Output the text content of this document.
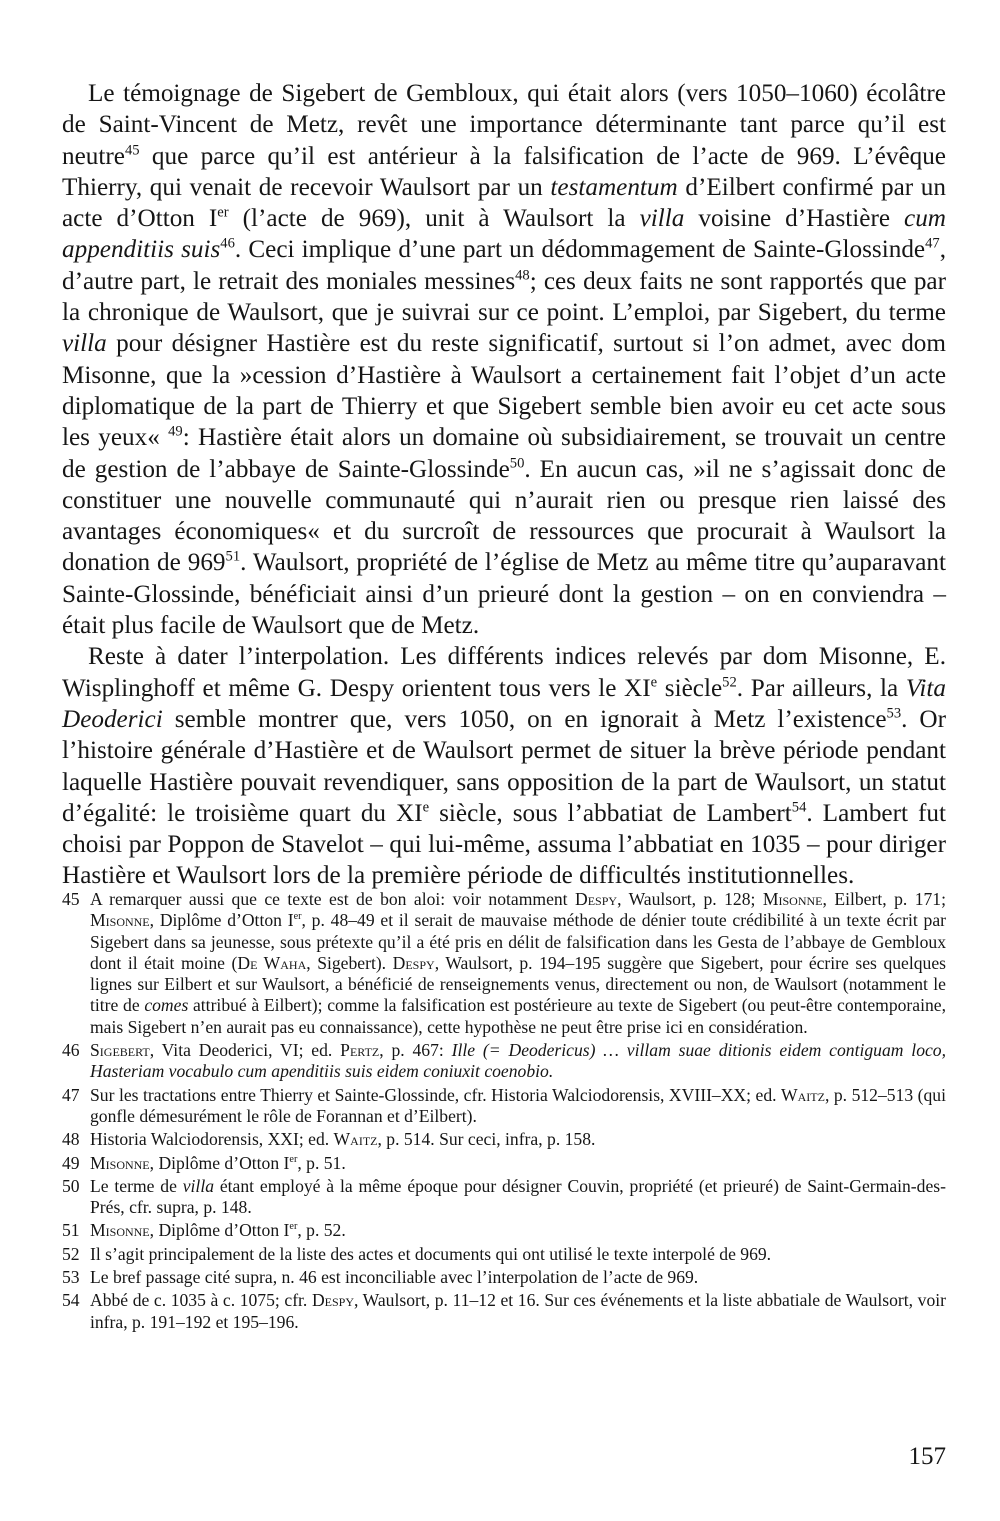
Le témoignage de Sigebert de Gembloux, qui était alors (vers 1050–1060) écolâtre de Saint-Vincent de Metz, revêt une importance déterminante tant parce qu’il est neutre$^{45}$ que parce qu’il est antérieur à la falsification de l’acte de 969. L’évêque Thierry, qui venait de recevoir Waulsort par un testamentum d’Eilbert confirmé par un acte d’Otton Ier (l’acte de 969), unit à Waulsort la villa voisine d’Hastière cum appenditiis suis$^{46}$. Ceci implique d’une part un dédommagement de Sainte-Glossinde$^{47}$, d’autre part, le retrait des moniales messines$^{48}$; ces deux faits ne sont rapportés que par la chronique de Waulsort, que je suivrai sur ce point. L’emploi, par Sigebert, du terme villa pour désigner Hastière est du reste significatif, surtout si l’on admet, avec dom Misonne, que la »cession d’Hastière à Waulsort a certainement fait l’objet d’un acte diplomatique de la part de Thierry et que Sigebert semble bien avoir eu cet acte sous les yeux« $^{49}$: Hastière était alors un domaine où subsidiairement, se trouvait un centre de gestion de l’abbaye de Sainte-Glossinde$^{50}$. En aucun cas, »il ne s’agissait donc de constituer une nouvelle communauté qui n’aurait rien ou presque rien laissé des avantages économiques« et du surcroît de ressources que procurait à Waulsort la donation de $969^{51}$. Waulsort, propriété de l’église de Metz au même titre qu’auparavant Sainte-Glossinde, bénéficiait ainsi d’un prieuré dont la gestion – on en conviendra – était plus facile de Waulsort que de Metz.

Reste à dater l’interpolation. Les différents indices relevés par dom Misonne, E. Wisplinghoff et même G. Despy orientent tous vers le XIe siècle$^{52}$. Par ailleurs, la Vita Deoderici semble montrer que, vers 1050, on en ignorait à Metz l’existence$^{53}$. Or l’histoire générale d’Hastière et de Waulsort permet de situer la brève période pendant laquelle Hastière pouvait revendiquer, sans opposition de la part de Waulsort, un statut d’égalité: le troisième quart du XIe siècle, sous l’abbatiat de Lambert$^{54}$. Lambert fut choisi par Poppon de Stavelot – qui lui-même, assuma l’abbatiat en 1035 – pour diriger Hastière et Waulsort lors de la première période de difficultés institutionnelles.

45 A remarquer aussi que ce texte est de bon aloi: voir notamment Despy, Waulsort, p. 128; Misonne, Eilbert, p. 171; Misonne, Diplôme d’Otton Ier, p. 48–49 et il serait de mauvaise méthode de dénier toute crédibilité à un texte écrit par Sigebert dans sa jeunesse, sous prétexte qu’il a été pris en délit de falsification dans les Gesta de l’abbaye de Gembloux dont il était moine (De Waha, Sigebert). Despy, Waulsort, p. 194–195 suggère que Sigebert, pour écrire ses quelques lignes sur Eilbert et sur Waulsort, a bénéficié de renseignements venus, directement ou non, de Waulsort (notamment le titre de comes attribué à Eilbert); comme la falsification est postérieure au texte de Sigebert (ou peut-être contemporaine, mais Sigebert n’en aurait pas eu connaissance), cette hypothèse ne peut être prise ici en considération.
46 Sigebert, Vita Deoderici, VI; ed. Pertz, p. 467: Ille (= Deodericus) … villam suae ditionis eidem contiguam loco, Hasteriam vocabulo cum apenditiis suis eidem coniuxit coenobio.
47 Sur les tractations entre Thierry et Sainte-Glossinde, cfr. Historia Walciodorensis, XVIII–XX; ed. Waitz, p. 512–513 (qui gonfle démesurément le rôle de Forannan et d’Eilbert).
48 Historia Walciodorensis, XXI; ed. Waitz, p. 514. Sur ceci, infra, p. 158.
49 Misonne, Diplôme d’Otton Ier, p. 51.
50 Le terme de villa étant employé à la même époque pour désigner Couvin, propriété (et prieuré) de Saint-Germain-des-Prés, cfr. supra, p. 148.
51 Misonne, Diplôme d’Otton Ier, p. 52.
52 Il s’agit principalement de la liste des actes et documents qui ont utilisé le texte interpolé de 969.
53 Le bref passage cité supra, n. 46 est inconciliable avec l’interpolation de l’acte de 969.
54 Abbé de c. 1035 à c. 1075; cfr. Despy, Waulsort, p. 11–12 et 16. Sur ces événements et la liste abbatiale de Waulsort, voir infra, p. 191–192 et 195–196.
157
